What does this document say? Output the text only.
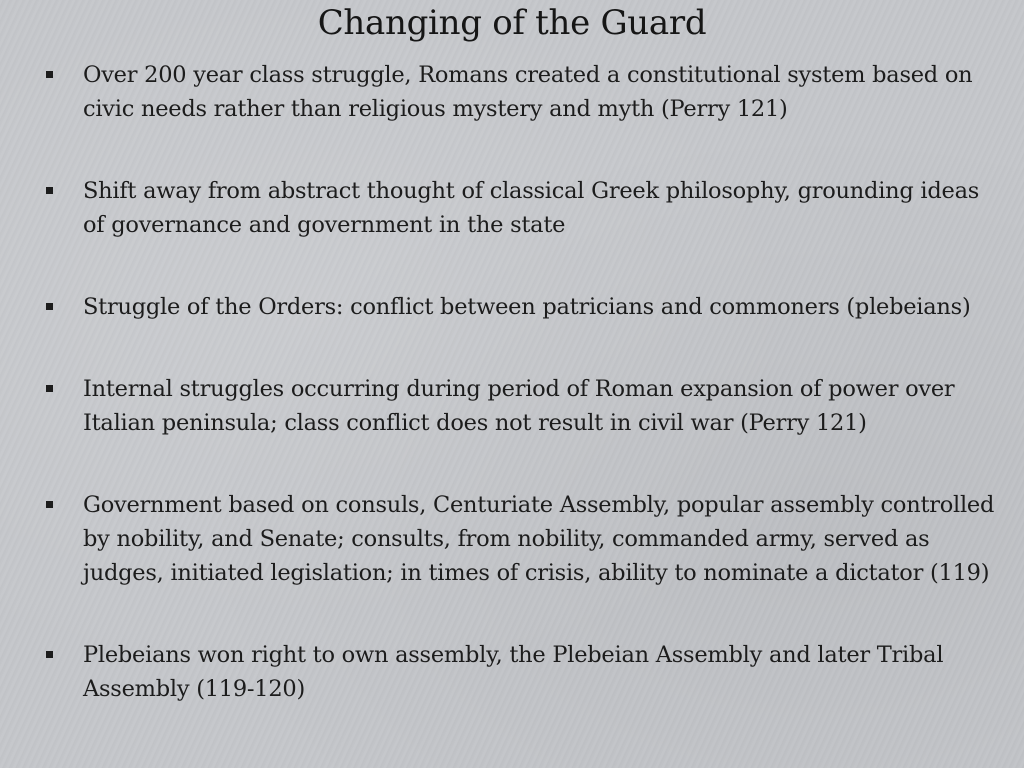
Changing of the Guard
Over 200 year class struggle, Romans created a constitutional system based on civic needs rather than religious mystery and myth (Perry 121)
Shift away from abstract thought of classical Greek philosophy, grounding ideas of governance and government in the state
Struggle of the Orders: conflict between patricians and commoners (plebeians)
Internal struggles occurring during period of Roman expansion of power over Italian peninsula; class conflict does not result in civil war (Perry 121)
Government based on consuls, Centuriate Assembly, popular assembly controlled by nobility, and Senate; consults, from nobility, commanded army, served as judges, initiated legislation; in times of crisis, ability to nominate a dictator (119)
Plebeians won right to own assembly, the Plebeian Assembly and later Tribal Assembly (119-120)
